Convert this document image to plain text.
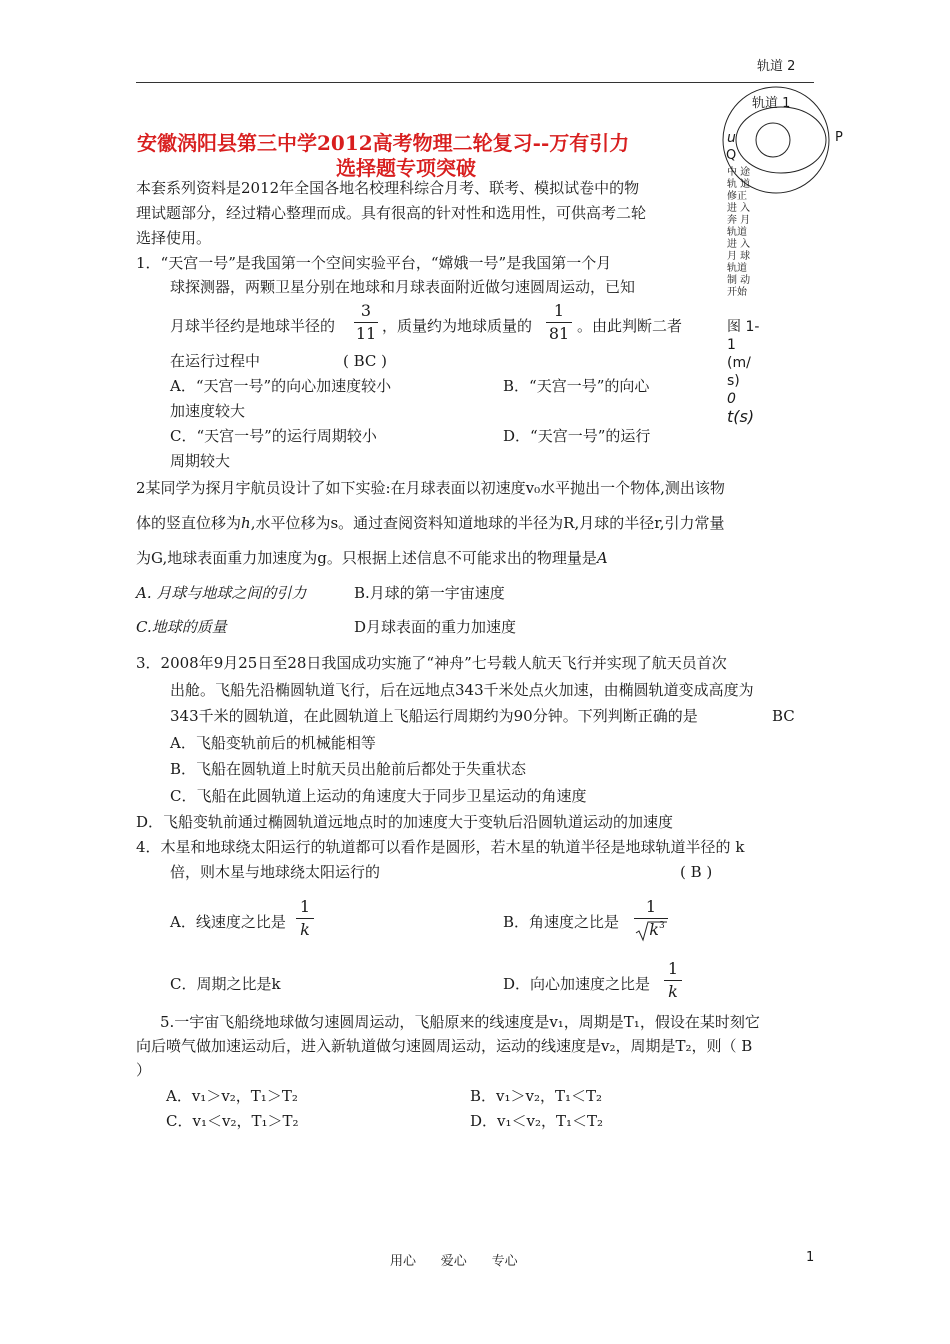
轨道 2
轨道 1
P
u
Q
中 途
轨 道
修正
进 入
奔 月
轨道
进 入
月 球
轨道
制 动
开始
图 1-
1
(m/
s)
0
t(s)
安徽涡阳县第三中学2012高考物理二轮复习--万有引力
选择题专项突破
本套系列资料是2012年全国各地名校理科综合月考、联考、模拟试卷中的物
理试题部分，经过精心整理而成。具有很高的针对性和选用性，可供高考二轮
选择使用。
1．“天宫一号”是我国第一个空间实验平台，“嫦娥一号”是我国第一个月
球探测器，两颗卫星分别在地球和月球表面附近做匀速圆周运动，已知
月球半径约是地球半径的
3
11 ，质量约为地球质量的
1
81 。由此判断二者
在运行过程中	( BC )
A．“天宫一号”的向心加速度较小	B．“天宫一号”的向心
加速度较大
C．“天宫一号”的运行周期较小	D．“天宫一号”的运行
周期较大
2某同学为探月宇航员设计了如下实验:在月球表面以初速度v₀水平抛出一个物体,测出该物
体的竖直位移为h,水平位移为s。通过查阅资料知道地球的半径为R,月球的半径r,引力常量
为G,地球表面重力加速度为g。只根据上述信息不可能求出的物理量是A
A. 月球与地球之间的引力	B.月球的第一宇宙速度
C.地球的质量	D月球表面的重力加速度
3．2008年9月25日至28日我国成功实施了“神舟”七号载人航天飞行并实现了航天员首次
出舱。飞船先沿椭圆轨道飞行，后在远地点343千米处点火加速，由椭圆轨道变成高度为
343千米的圆轨道，在此圆轨道上飞船运行周期约为90分钟。下列判断正确的是	BC
A．飞船变轨前后的机械能相等
B．飞船在圆轨道上时航天员出舱前后都处于失重状态
C．飞船在此圆轨道上运动的角速度大于同步卫星运动的角速度
D．飞船变轨前通过椭圆轨道远地点时的加速度大于变轨后沿圆轨道运动的加速度
4．木星和地球绕太阳运行的轨道都可以看作是圆形，若木星的轨道半径是地球轨道半径的 k
倍，则木星与地球绕太阳运行的	( B )
A．线速度之比是
1
k	B．角速度之比是
1
$k^3$
C．周期之比是k	D．向心加速度之比是
1
k
5.一宇宙飞船绕地球做匀速圆周运动，飞船原来的线速度是v₁，周期是T₁，假设在某时刻它
向后喷气做加速运动后，进入新轨道做匀速圆周运动，运动的线速度是v₂，周期是T₂，则（ B
）
A．v₁＞v₂，T₁＞T₂	B．v₁＞v₂，T₁＜T₂
C．v₁＜v₂，T₁＞T₂	D．v₁＜v₂，T₁＜T₂
用心      爱心      专心	1
